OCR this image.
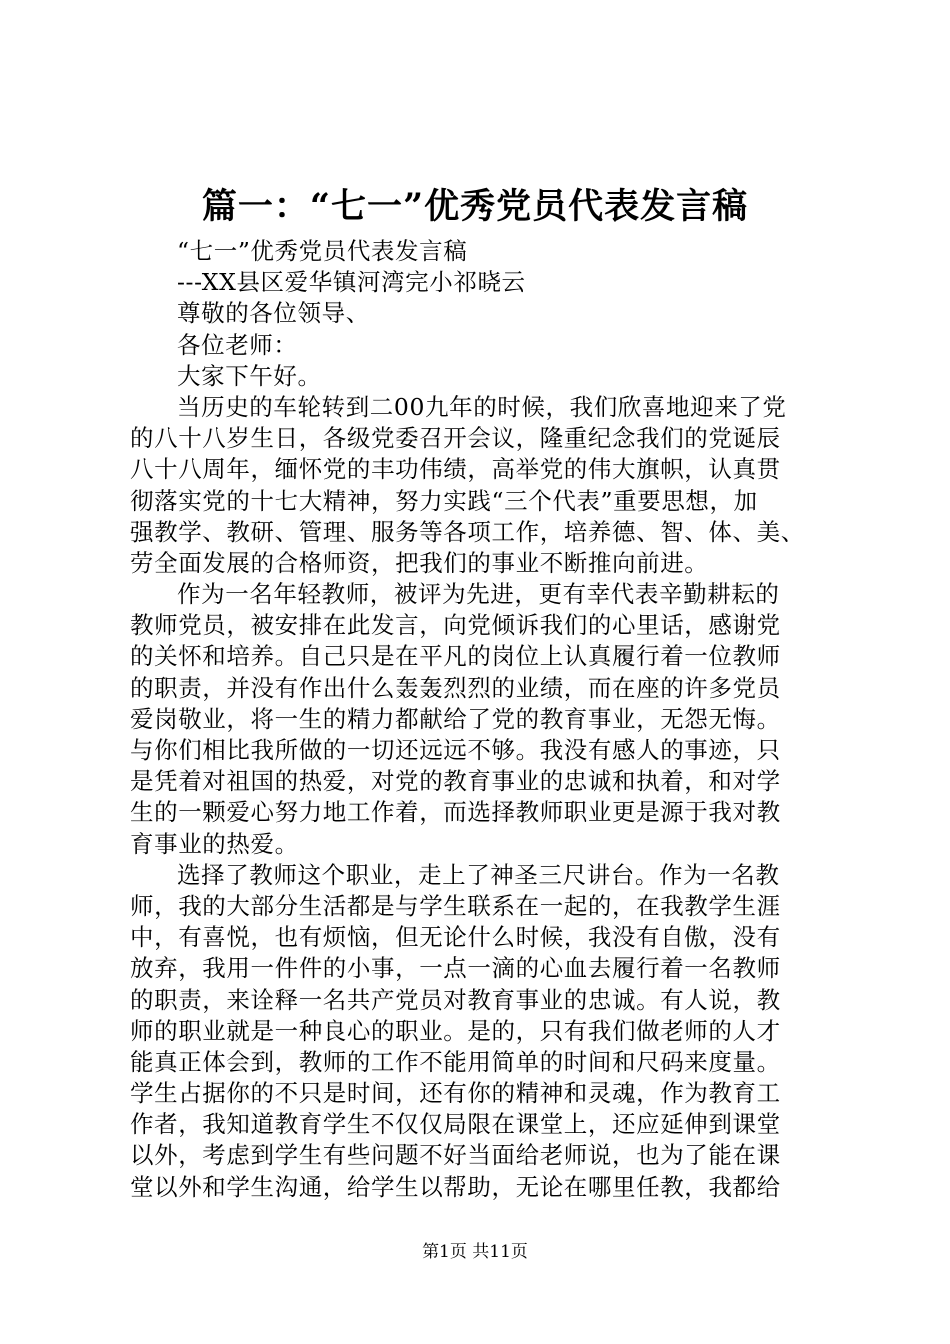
篇一：“七一”优秀党员代表发言稿
“七一”优秀党员代表发言稿
---XX县区爱华镇河湾完小祁晓云
尊敬的各位领导、
各位老师：
大家下午好。
当历史的车轮转到二00九年的时候，我们欣喜地迎来了党
的八十八岁生日，各级党委召开会议，隆重纪念我们的党诞辰
八十八周年，缅怀党的丰功伟绩，高举党的伟大旗帜，认真贯
彻落实党的十七大精神，努力实践“三个代表”重要思想，加
强教学、教研、管理、服务等各项工作，培养德、智、体、美、
劳全面发展的合格师资，把我们的事业不断推向前进。
作为一名年轻教师，被评为先进，更有幸代表辛勤耕耘的
教师党员，被安排在此发言，向党倾诉我们的心里话，感谢党
的关怀和培养。自己只是在平凡的岗位上认真履行着一位教师
的职责，并没有作出什么轰轰烈烈的业绩，而在座的许多党员
爱岗敬业，将一生的精力都献给了党的教育事业，无怨无悔。
与你们相比我所做的一切还远远不够。我没有感人的事迹，只
是凭着对祖国的热爱，对党的教育事业的忠诚和执着，和对学
生的一颗爱心努力地工作着，而选择教师职业更是源于我对教
育事业的热爱。
选择了教师这个职业，走上了神圣三尺讲台。作为一名教
师，我的大部分生活都是与学生联系在一起的，在我教学生涯
中，有喜悦，也有烦恼，但无论什么时候，我没有自傲，没有
放弃，我用一件件的小事，一点一滴的心血去履行着一名教师
的职责，来诠释一名共产党员对教育事业的忠诚。有人说，教
师的职业就是一种良心的职业。是的，只有我们做老师的人才
能真正体会到，教师的工作不能用简单的时间和尺码来度量。
学生占据你的不只是时间，还有你的精神和灵魂，作为教育工
作者，我知道教育学生不仅仅局限在课堂上，还应延伸到课堂
以外，考虑到学生有些问题不好当面给老师说，也为了能在课
堂以外和学生沟通，给学生以帮助，无论在哪里任教，我都给
第1页 共11页
